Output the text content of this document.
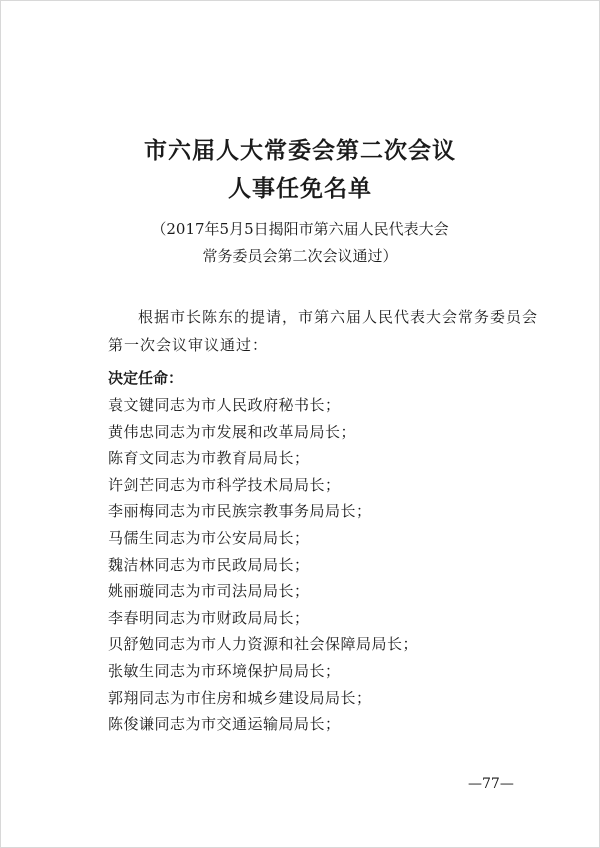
市六届人大常委会第二次会议
人事任免名单
（2017年5月5日揭阳市第六届人民代表大会
常务委员会第二次会议通过）

根据市长陈东的提请，市第六届人民代表大会常务委员会第一次会议审议通过：

决定任命：
袁文键同志为市人民政府秘书长；
黄伟忠同志为市发展和改革局局长；
陈育文同志为市教育局局长；
许剑芒同志为市科学技术局局长；
李丽梅同志为市民族宗教事务局局长；
马儒生同志为市公安局局长；
魏洁林同志为市民政局局长；
姚丽璇同志为市司法局局长；
李春明同志为市财政局局长；
贝舒勉同志为市人力资源和社会保障局局长；
张敏生同志为市环境保护局局长；
郭翔同志为市住房和城乡建设局局长；
陈俊谦同志为市交通运输局局长；
—77—
